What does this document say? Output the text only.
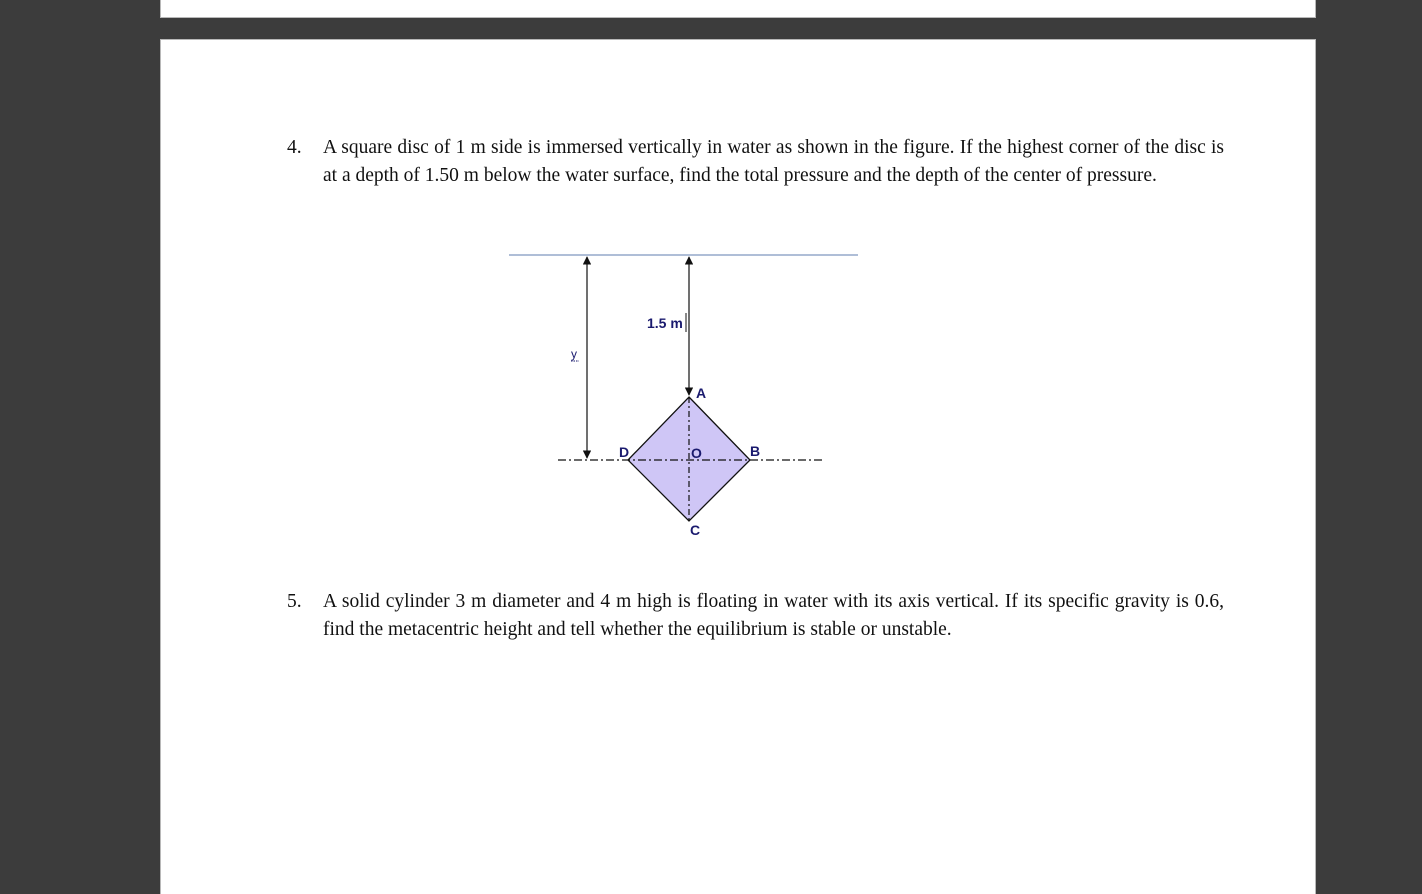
4.	A square disc of 1 m side is immersed vertically in water as shown in the figure. If the highest corner of the disc is at a depth of 1.50 m below the water surface, find the total pressure and the depth of the center of pressure.
1.5 m
y
A
B
C
D	O
5.	A solid cylinder 3 m diameter and 4 m high is floating in water with its axis vertical. If its specific gravity is 0.6, find the metacentric height and tell whether the equilibrium is stable or unstable.
